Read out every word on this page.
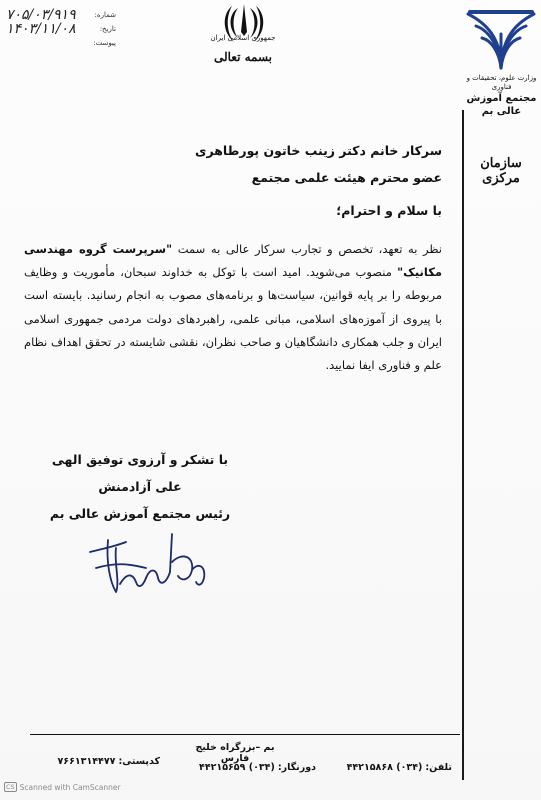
وزارت علوم، تحقیقات و فناوری
مجتمع آموزش عالی بم
سازمان مرکزی
جمهوری اسلامی ایران
بسمه تعالی
شماره:
۷۰۵/۰۳/۹۱۹
تاریخ:
۱۴۰۳/۱۱/۰۸
پیوست:
سرکار خانم دکتر زینب خاتون پورطاهری
عضو محترم هیئت علمی مجتمع
با سلام و احترام؛
نظر به تعهد، تخصص و تجارب سرکار عالی به سمت "سرپرست گروه مهندسی مکانیک" منصوب می‌شوید. امید است با توکل به خداوند سبحان، مأموریت و وظایف مربوطه را بر پایه قوانین، سیاست‌ها و برنامه‌های مصوب به انجام رسانید. بایسته است با پیروی از آموزه‌های اسلامی، مبانی علمی، راهبردهای دولت مردمی جمهوری اسلامی ایران و جلب همکاری دانشگاهیان و صاحب نظران، نقشی شایسته در تحقق اهداف نظام علم و فناوری ایفا نمایید.
با تشکر و آرزوی توفیق الهی
علی آزادمنش
رئیس مجتمع آموزش عالی بم
بم –بزرگراه خلیج فارس
تلفن:
(۰۳۴) ۴۴۲۱۵۸۶۸
دورنگار:
(۰۳۴) ۴۴۲۱۵۶۵۹
کدپستی:
۷۶۶۱۳۱۴۴۷۷
CS Scanned with CamScanner
